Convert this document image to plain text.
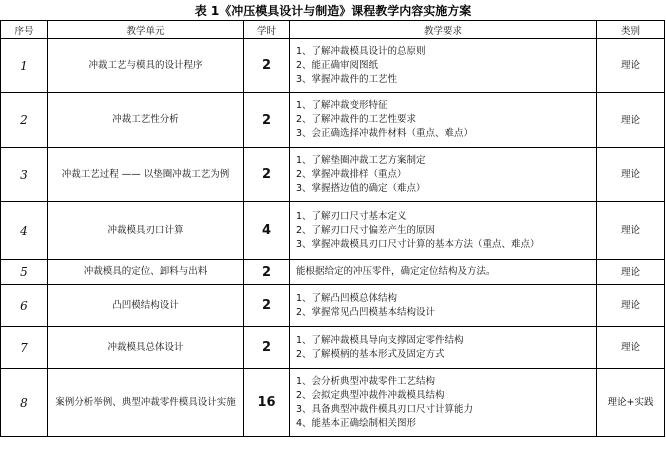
表 1《冲压模具设计与制造》课程教学内容实施方案
序号	教学单元	学时	教学要求	类别
1	冲裁工艺与模具的设计程序	2	1、了解冲裁模具设计的总原则
2、能正确审阅图纸
3、掌握冲裁件的工艺性	理论
2	冲裁工艺性分析	2	1、了解冲裁变形特征
2、了解冲裁件的工艺性要求
3、会正确选择冲裁件材料（重点、难点）	理论
3	冲裁工艺过程 —— 以垫圈冲裁工艺为例	2	1、了解垫圈冲裁工艺方案制定
2、掌握冲裁排样（重点）
3、掌握搭边值的确定（难点）	理论
4	冲裁模具刃口计算	4	1、了解刃口尺寸基本定义
2、了解刃口尺寸偏差产生的原因
3、掌握冲裁模具刃口尺寸计算的基本方法（重点、难点）	理论
5	冲裁模具的定位、卸料与出料	2	能根据给定的冲压零件，确定定位结构及方法。	理论
6	凸凹模结构设计	2	1、了解凸凹模总体结构
2、掌握常见凸凹模基本结构设计	理论
7	冲裁模具总体设计	2	1、了解冲裁模具导向支撑固定零件结构
2、了解模柄的基本形式及固定方式	理论
8	案例分析举例、典型冲裁零件模具设计实施	16	1、会分析典型冲裁零件工艺结构
2、会拟定典型冲裁件冲裁模具结构
3、具备典型冲裁件模具刃口尺寸计算能力
4、能基本正确绘制相关图形	理论+实践
